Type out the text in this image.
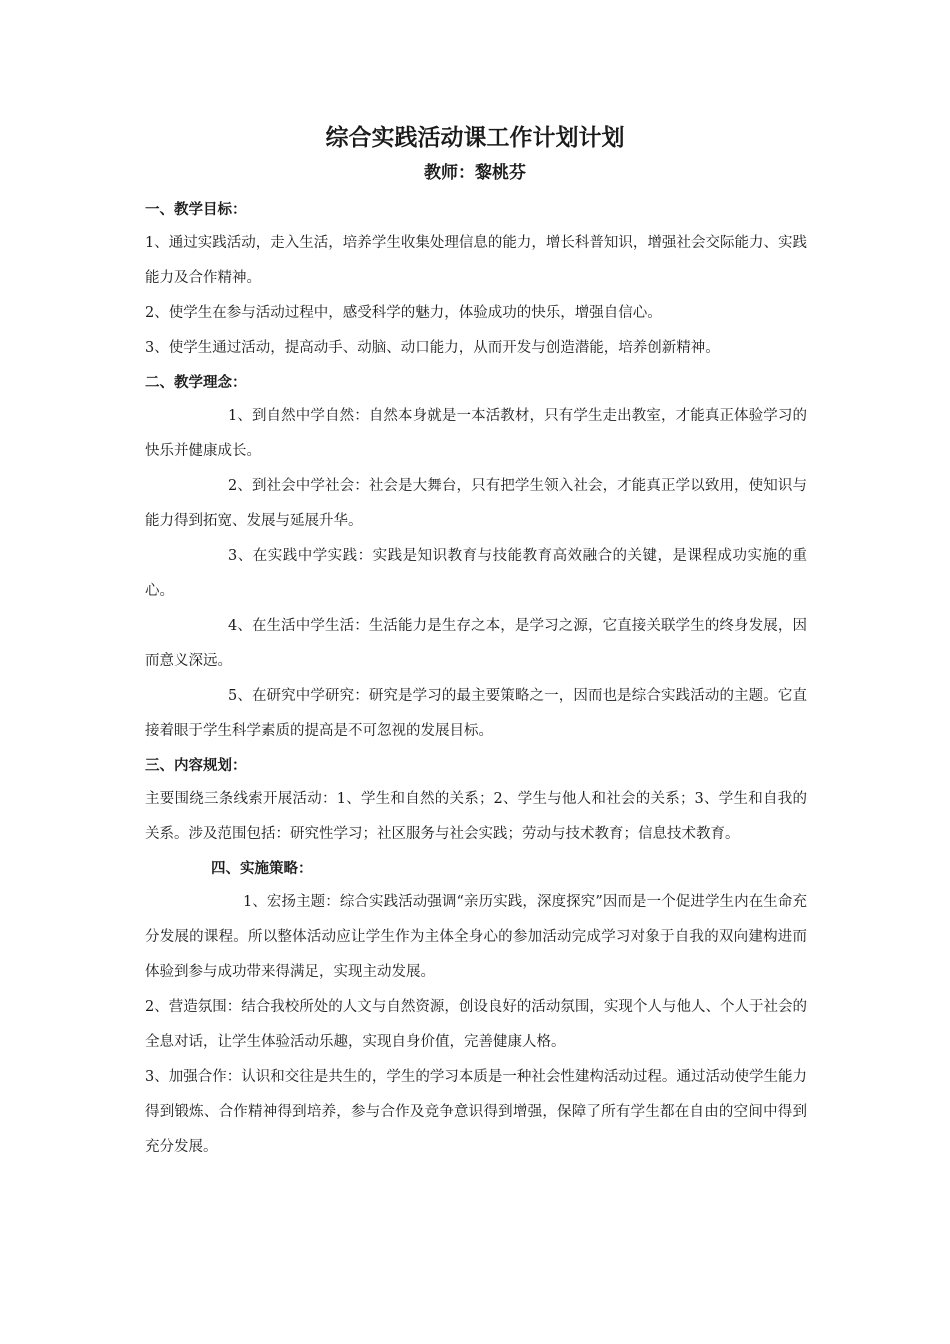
综合实践活动课工作计划计划
教师：黎桃芬
一、教学目标：

1、通过实践活动，走入生活，培养学生收集处理信息的能力，增长科普知识，增强社会交际能力、实践能力及合作精神。

2、使学生在参与活动过程中，感受科学的魅力，体验成功的快乐，增强自信心。

3、使学生通过活动，提高动手、动脑、动口能力，从而开发与创造潜能，培养创新精神。

二、教学理念：

1、到自然中学自然：自然本身就是一本活教材，只有学生走出教室，才能真正体验学习的快乐并健康成长。

2、到社会中学社会：社会是大舞台，只有把学生领入社会，才能真正学以致用，使知识与能力得到拓宽、发展与延展升华。

3、在实践中学实践：实践是知识教育与技能教育高效融合的关键，是课程成功实施的重心。

4、在生活中学生活：生活能力是生存之本，是学习之源，它直接关联学生的终身发展，因而意义深远。

5、在研究中学研究：研究是学习的最主要策略之一，因而也是综合实践活动的主题。它直接着眼于学生科学素质的提高是不可忽视的发展目标。

三、内容规划：

主要围绕三条线索开展活动：1、学生和自然的关系；2、学生与他人和社会的关系；3、学生和自我的关系。涉及范围包括：研究性学习；社区服务与社会实践；劳动与技术教育；信息技术教育。

四、实施策略：

1、宏扬主题：综合实践活动强调“亲历实践，深度探究”因而是一个促进学生内在生命充分发展的课程。所以整体活动应让学生作为主体全身心的参加活动完成学习对象于自我的双向建构进而体验到参与成功带来得满足，实现主动发展。

2、营造氛围：结合我校所处的人文与自然资源，创设良好的活动氛围，实现个人与他人、个人于社会的全息对话，让学生体验活动乐趣，实现自身价值，完善健康人格。

3、加强合作：认识和交往是共生的，学生的学习本质是一种社会性建构活动过程。通过活动使学生能力得到锻炼、合作精神得到培养，参与合作及竞争意识得到增强，保障了所有学生都在自由的空间中得到充分发展。
